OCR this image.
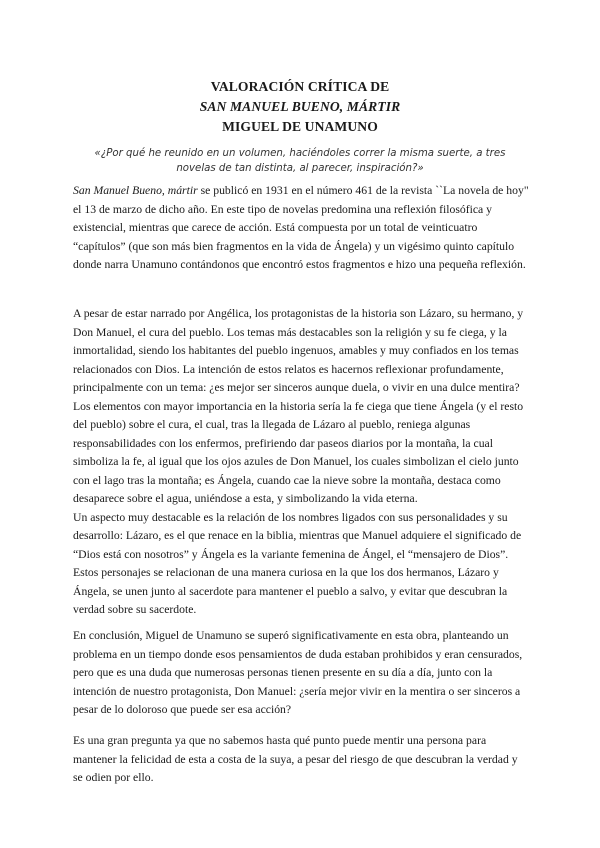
VALORACIÓN CRÍTICA DE
SAN MANUEL BUENO, MÁRTIR
MIGUEL DE UNAMUNO
«¿Por qué he reunido en un volumen, haciéndoles correr la misma suerte, a tres novelas de tan distinta, al parecer, inspiración?»

San Manuel Bueno, mártir se publicó en 1931 en el número 461 de la revista ``La novela de hoy" el 13 de marzo de dicho año. En este tipo de novelas predomina una reflexión filosófica y existencial, mientras que carece de acción. Está compuesta por un total de veinticuatro “capítulos” (que son más bien fragmentos en la vida de Ángela) y un vigésimo quinto capítulo donde narra Unamuno contándonos que encontró estos fragmentos e hizo una pequeña reflexión.

A pesar de estar narrado por Angélica, los protagonistas de la historia son Lázaro, su hermano, y Don Manuel, el cura del pueblo. Los temas más destacables son la religión y su fe ciega, y la inmortalidad, siendo los habitantes del pueblo ingenuos, amables y muy confiados en los temas relacionados con Dios. La intención de estos relatos es hacernos reflexionar profundamente, principalmente con un tema: ¿es mejor ser sinceros aunque duela, o vivir en una dulce mentira? Los elementos con mayor importancia en la historia sería la fe ciega que tiene Ángela (y el resto del pueblo) sobre el cura, el cual, tras la llegada de Lázaro al pueblo, reniega algunas responsabilidades con los enfermos, prefiriendo dar paseos diarios por la montaña, la cual simboliza la fe, al igual que los ojos azules de Don Manuel, los cuales simbolizan el cielo junto con el lago tras la montaña; es Ángela, cuando cae la nieve sobre la montaña, destaca como desaparece sobre el agua, uniéndose a esta, y simbolizando la vida eterna.

Un aspecto muy destacable es la relación de los nombres ligados con sus personalidades y su desarrollo: Lázaro, es el que renace en la biblia, mientras que Manuel adquiere el significado de “Dios está con nosotros” y Ángela es la variante femenina de Ángel, el “mensajero de Dios”. Estos personajes se relacionan de una manera curiosa en la que los dos hermanos, Lázaro y Ángela, se unen junto al sacerdote para mantener el pueblo a salvo, y evitar que descubran la verdad sobre su sacerdote.

En conclusión, Miguel de Unamuno se superó significativamente en esta obra, planteando un problema en un tiempo donde esos pensamientos de duda estaban prohibidos y eran censurados, pero que es una duda que numerosas personas tienen presente en su día a día, junto con la intención de nuestro protagonista, Don Manuel: ¿sería mejor vivir en la mentira o ser sinceros a pesar de lo doloroso que puede ser esa acción?

Es una gran pregunta ya que no sabemos hasta qué punto puede mentir una persona para mantener la felicidad de esta a costa de la suya, a pesar del riesgo de que descubran la verdad y se odien por ello.
